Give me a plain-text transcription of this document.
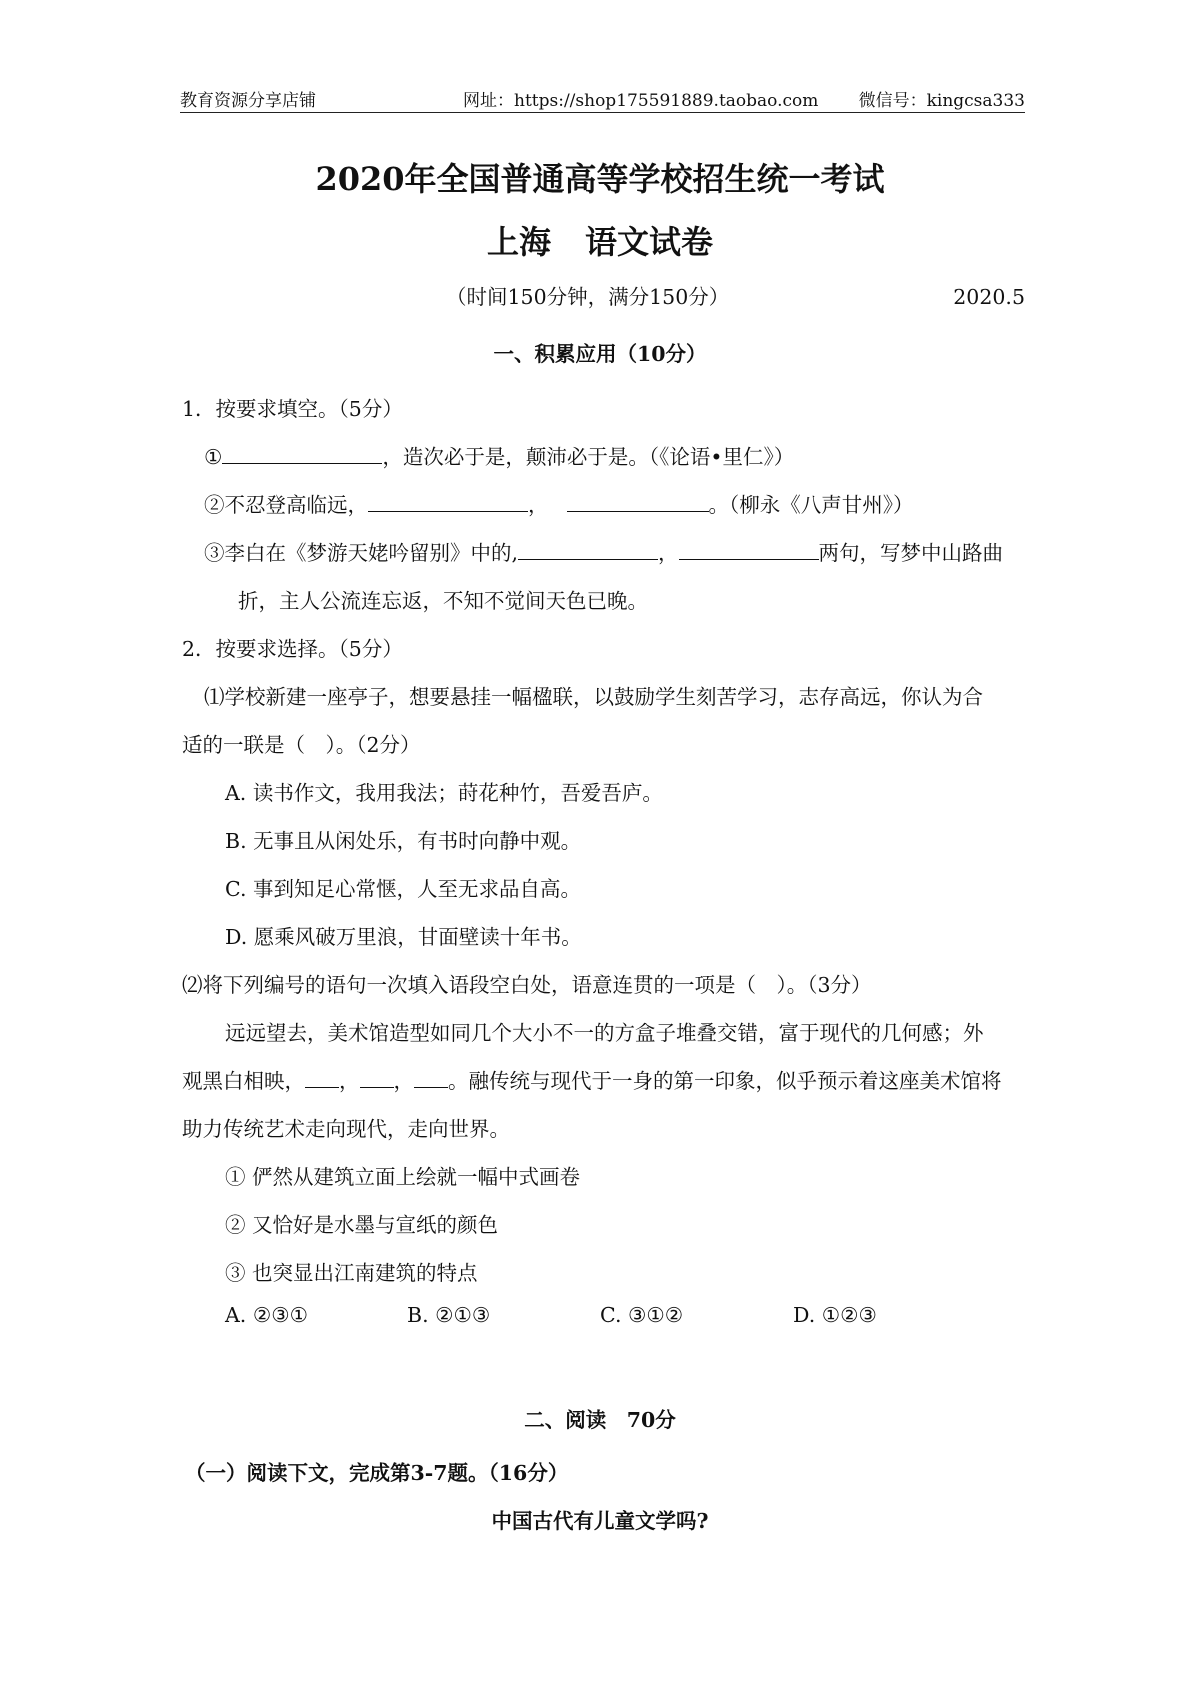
教育资源分享店铺	网址：https://shop175591889.taobao.com 微信号：kingcsa333
2020年全国普通高等学校招生统一考试
上海 语文试卷
（时间150分钟，满分150分）	2020.5
一、积累应用（10分）
1．按要求填空。（5分）
①	，造次必于是，颠沛必于是。（《论语•里仁》）
②不忍登高临远，	，	。（柳永《八声甘州》）
③李白在《梦游天姥吟留别》中的,	，	两句，写梦中山路曲
折，主人公流连忘返，不知不觉间天色已晚。
2．按要求选择。（5分）
⑴学校新建一座亭子，想要悬挂一幅楹联，以鼓励学生刻苦学习，志存高远，你认为合
适的一联是（　）。（2分）
A. 读书作文，我用我法；莳花种竹，吾爱吾庐。
B. 无事且从闲处乐，有书时向静中观。
C. 事到知足心常惬，人至无求品自高。
D. 愿乘风破万里浪，甘面壁读十年书。
⑵将下列编号的语句一次填入语段空白处，语意连贯的一项是（　）。（3分）
远远望去，美术馆造型如同几个大小不一的方盒子堆叠交错，富于现代的几何感；外
观黑白相映， ， ， 。融传统与现代于一身的第一印象，似乎预示着这座美术馆将
助力传统艺术走向现代，走向世界。
① 俨然从建筑立面上绘就一幅中式画卷
② 又恰好是水墨与宣纸的颜色
③ 也突显出江南建筑的特点
A. ②③①	B. ②①③	C. ③①②	D. ①②③
二、阅读　70分
（一）阅读下文，完成第3-7题。（16分）
中国古代有儿童文学吗?
